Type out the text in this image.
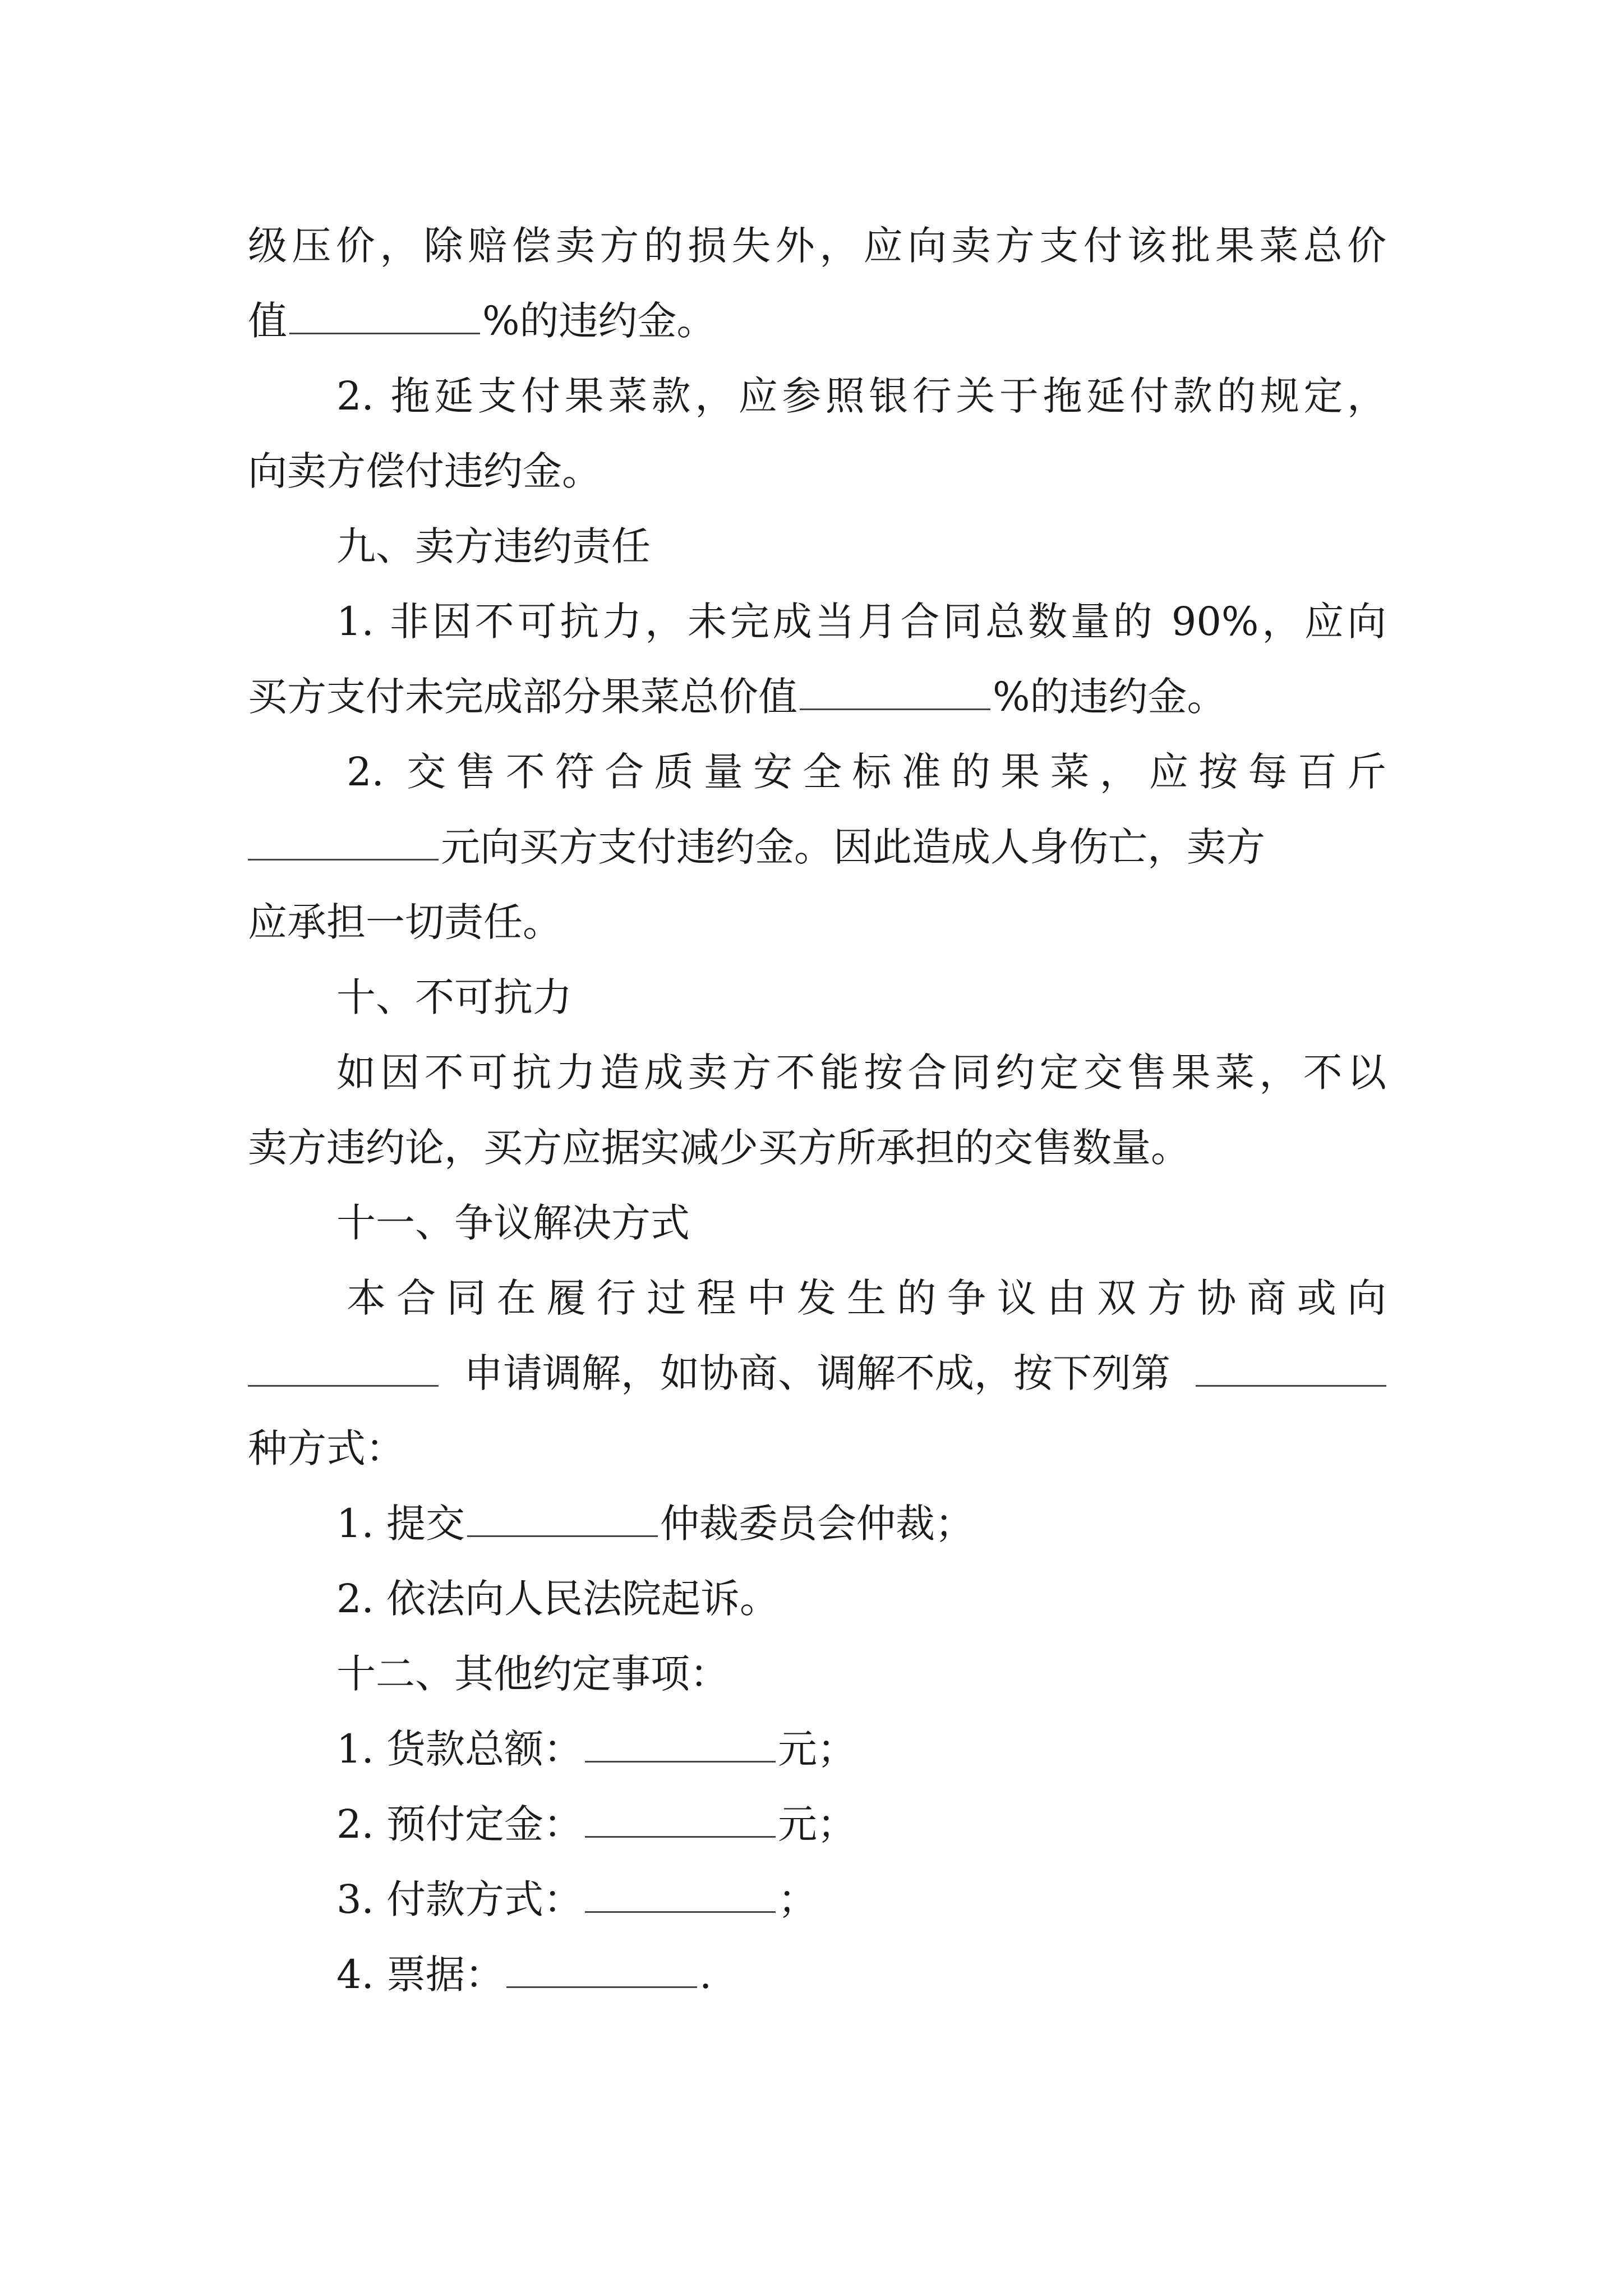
级压价，除赔偿卖方的损失外，应向卖方支付该批果菜总价
值	%的违约金。
2. 拖延支付果菜款，应参照银行关于拖延付款的规定，
向卖方偿付违约金。
九、卖方违约责任
1. 非因不可抗力，未完成当月合同总数量的 90%，应向
买方支付未完成部分果菜总价值	%的违约金。
2. 交售不符合质量安全标准的果菜，应按每百斤
元向买方支付违约金。因此造成人身伤亡，卖方
应承担一切责任。
十、不可抗力
如因不可抗力造成卖方不能按合同约定交售果菜，不以
卖方违约论，买方应据实减少买方所承担的交售数量。
十一、争议解决方式
本合同在履行过程中发生的争议由双方协商或向
申请调解，如协商、调解不成，按下列第
种方式：
1. 提交	仲裁委员会仲裁；
2. 依法向人民法院起诉。
十二、其他约定事项：
1. 货款总额：	元；
2. 预付定金：	元；
3. 付款方式：	；
4. 票据：	.
